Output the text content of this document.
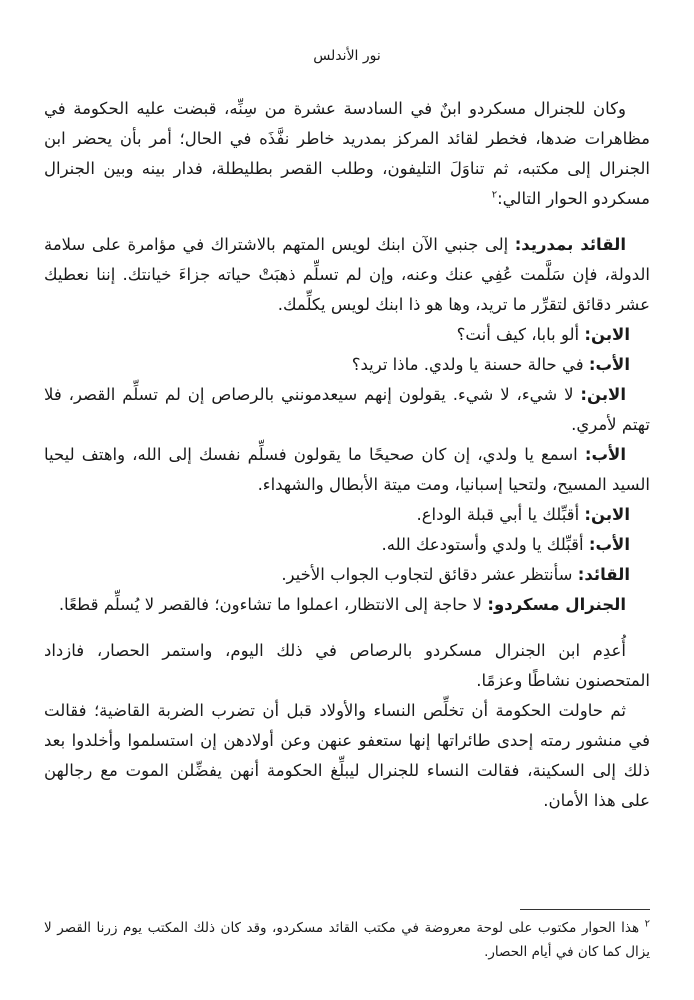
نور الأندلس

وكان للجنرال مسكردو ابنٌ في السادسة عشرة من سِنِّه، قبضت عليه الحكومة في مظاهرات ضدها، فخطر لقائد المركز بمدريد خاطر نفَّذَه في الحال؛ أمر بأن يحضر ابن الجنرال إلى مكتبه، ثم تناوَلَ التليفون، وطلب القصر بطليطلة، فدار بينه وبين الجنرال مسكردو الحوار التالي:$^٢$

القائد بمدريد: إلى جنبي الآن ابنك لويس المتهم بالاشتراك في مؤامرة على سلامة الدولة، فإن سَلَّمت عُفِي عنك وعنه، وإن لم تسلِّم ذهبَتْ حياته جزاءَ خيانتك. إننا نعطيك عشر دقائق لتقرِّر ما تريد، وها هو ذا ابنك لويس يكلِّمك.

الابن: ألو بابا، كيف أنت؟

الأب: في حالة حسنة يا ولدي. ماذا تريد؟

الابن: لا شيء، لا شيء. يقولون إنهم سيعدمونني بالرصاص إن لم تسلِّم القصر، فلا تهتم لأمري.

الأب: اسمع يا ولدي، إن كان صحيحًا ما يقولون فسلِّم نفسك إلى الله، واهتف ليحيا السيد المسيح، ولتحيا إسبانيا، ومت ميتة الأبطال والشهداء.

الابن: أقبِّلك يا أبي قبلة الوداع.

الأب: أقبِّلك يا ولدي وأستودعك الله.

القائد: سأنتظر عشر دقائق لتجاوب الجواب الأخير.

الجنرال مسكردو: لا حاجة إلى الانتظار، اعملوا ما تشاءون؛ فالقصر لا يُسلِّم قطعًا.

أُعدِم ابن الجنرال مسكردو بالرصاص في ذلك اليوم، واستمر الحصار، فازداد المتحصنون نشاطًا وعزمًا.

ثم حاولت الحكومة أن تخلِّص النساء والأولاد قبل أن تضرب الضربة القاضية؛ فقالت في منشور رمته إحدى طائراتها إنها ستعفو عنهن وعن أولادهن إن استسلموا وأخلدوا بعد ذلك إلى السكينة، فقالت النساء للجنرال ليبلِّغ الحكومة أنهن يفضِّلن الموت مع رجالهن على هذا الأمان.

$^٢$ هذا الحوار مكتوب على لوحة معروضة في مكتب القائد مسكردو، وقد كان ذلك المكتب يوم زرنا القصر لا يزال كما كان في أيام الحصار.
